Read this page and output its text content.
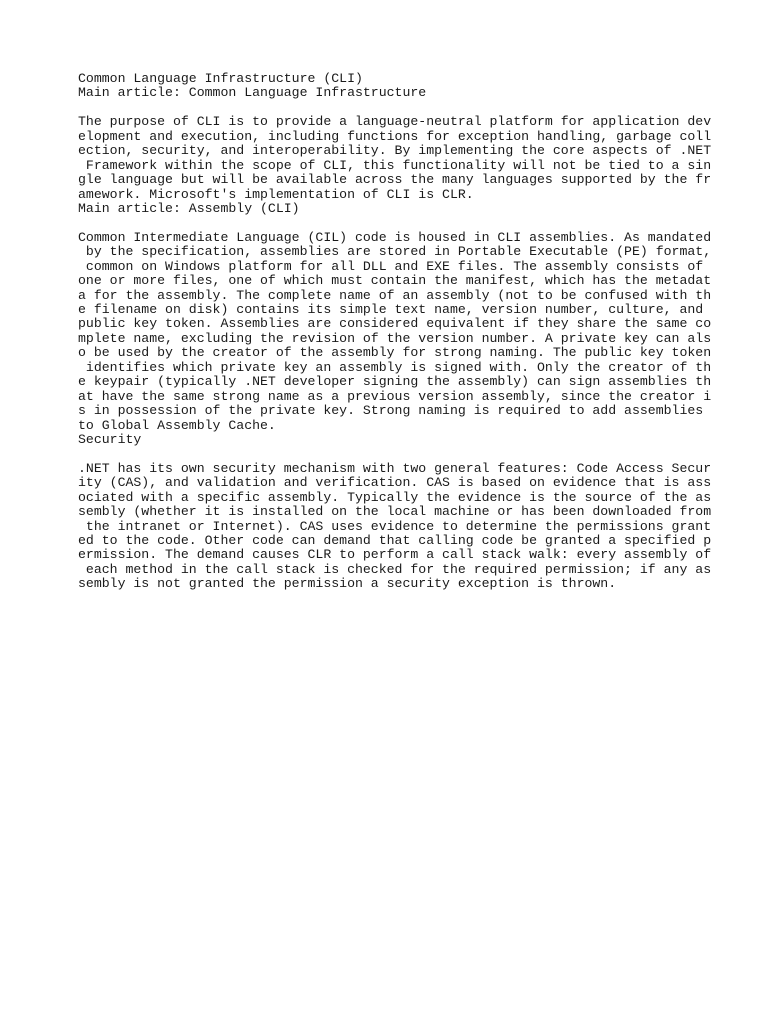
Common Language Infrastructure (CLI)
Main article: Common Language Infrastructure
The purpose of CLI is to provide a language-neutral platform for application dev
elopment and execution, including functions for exception handling, garbage coll
ection, security, and interoperability. By implementing the core aspects of .NET
Framework within the scope of CLI, this functionality will not be tied to a sin
gle language but will be available across the many languages supported by the fr
amework. Microsoft's implementation of CLI is CLR.
Main article: Assembly (CLI)
Common Intermediate Language (CIL) code is housed in CLI assemblies. As mandated
by the specification, assemblies are stored in Portable Executable (PE) format,
common on Windows platform for all DLL and EXE files. The assembly consists of
one or more files, one of which must contain the manifest, which has the metadat
a for the assembly. The complete name of an assembly (not to be confused with th
e filename on disk) contains its simple text name, version number, culture, and
public key token. Assemblies are considered equivalent if they share the same co
mplete name, excluding the revision of the version number. A private key can als
o be used by the creator of the assembly for strong naming. The public key token
identifies which private key an assembly is signed with. Only the creator of th
e keypair (typically .NET developer signing the assembly) can sign assemblies th
at have the same strong name as a previous version assembly, since the creator i
s in possession of the private key. Strong naming is required to add assemblies
to Global Assembly Cache.
Security
.NET has its own security mechanism with two general features: Code Access Secur
ity (CAS), and validation and verification. CAS is based on evidence that is ass
ociated with a specific assembly. Typically the evidence is the source of the as
sembly (whether it is installed on the local machine or has been downloaded from
the intranet or Internet). CAS uses evidence to determine the permissions grant
ed to the code. Other code can demand that calling code be granted a specified p
ermission. The demand causes CLR to perform a call stack walk: every assembly of
each method in the call stack is checked for the required permission; if any as
sembly is not granted the permission a security exception is thrown.
